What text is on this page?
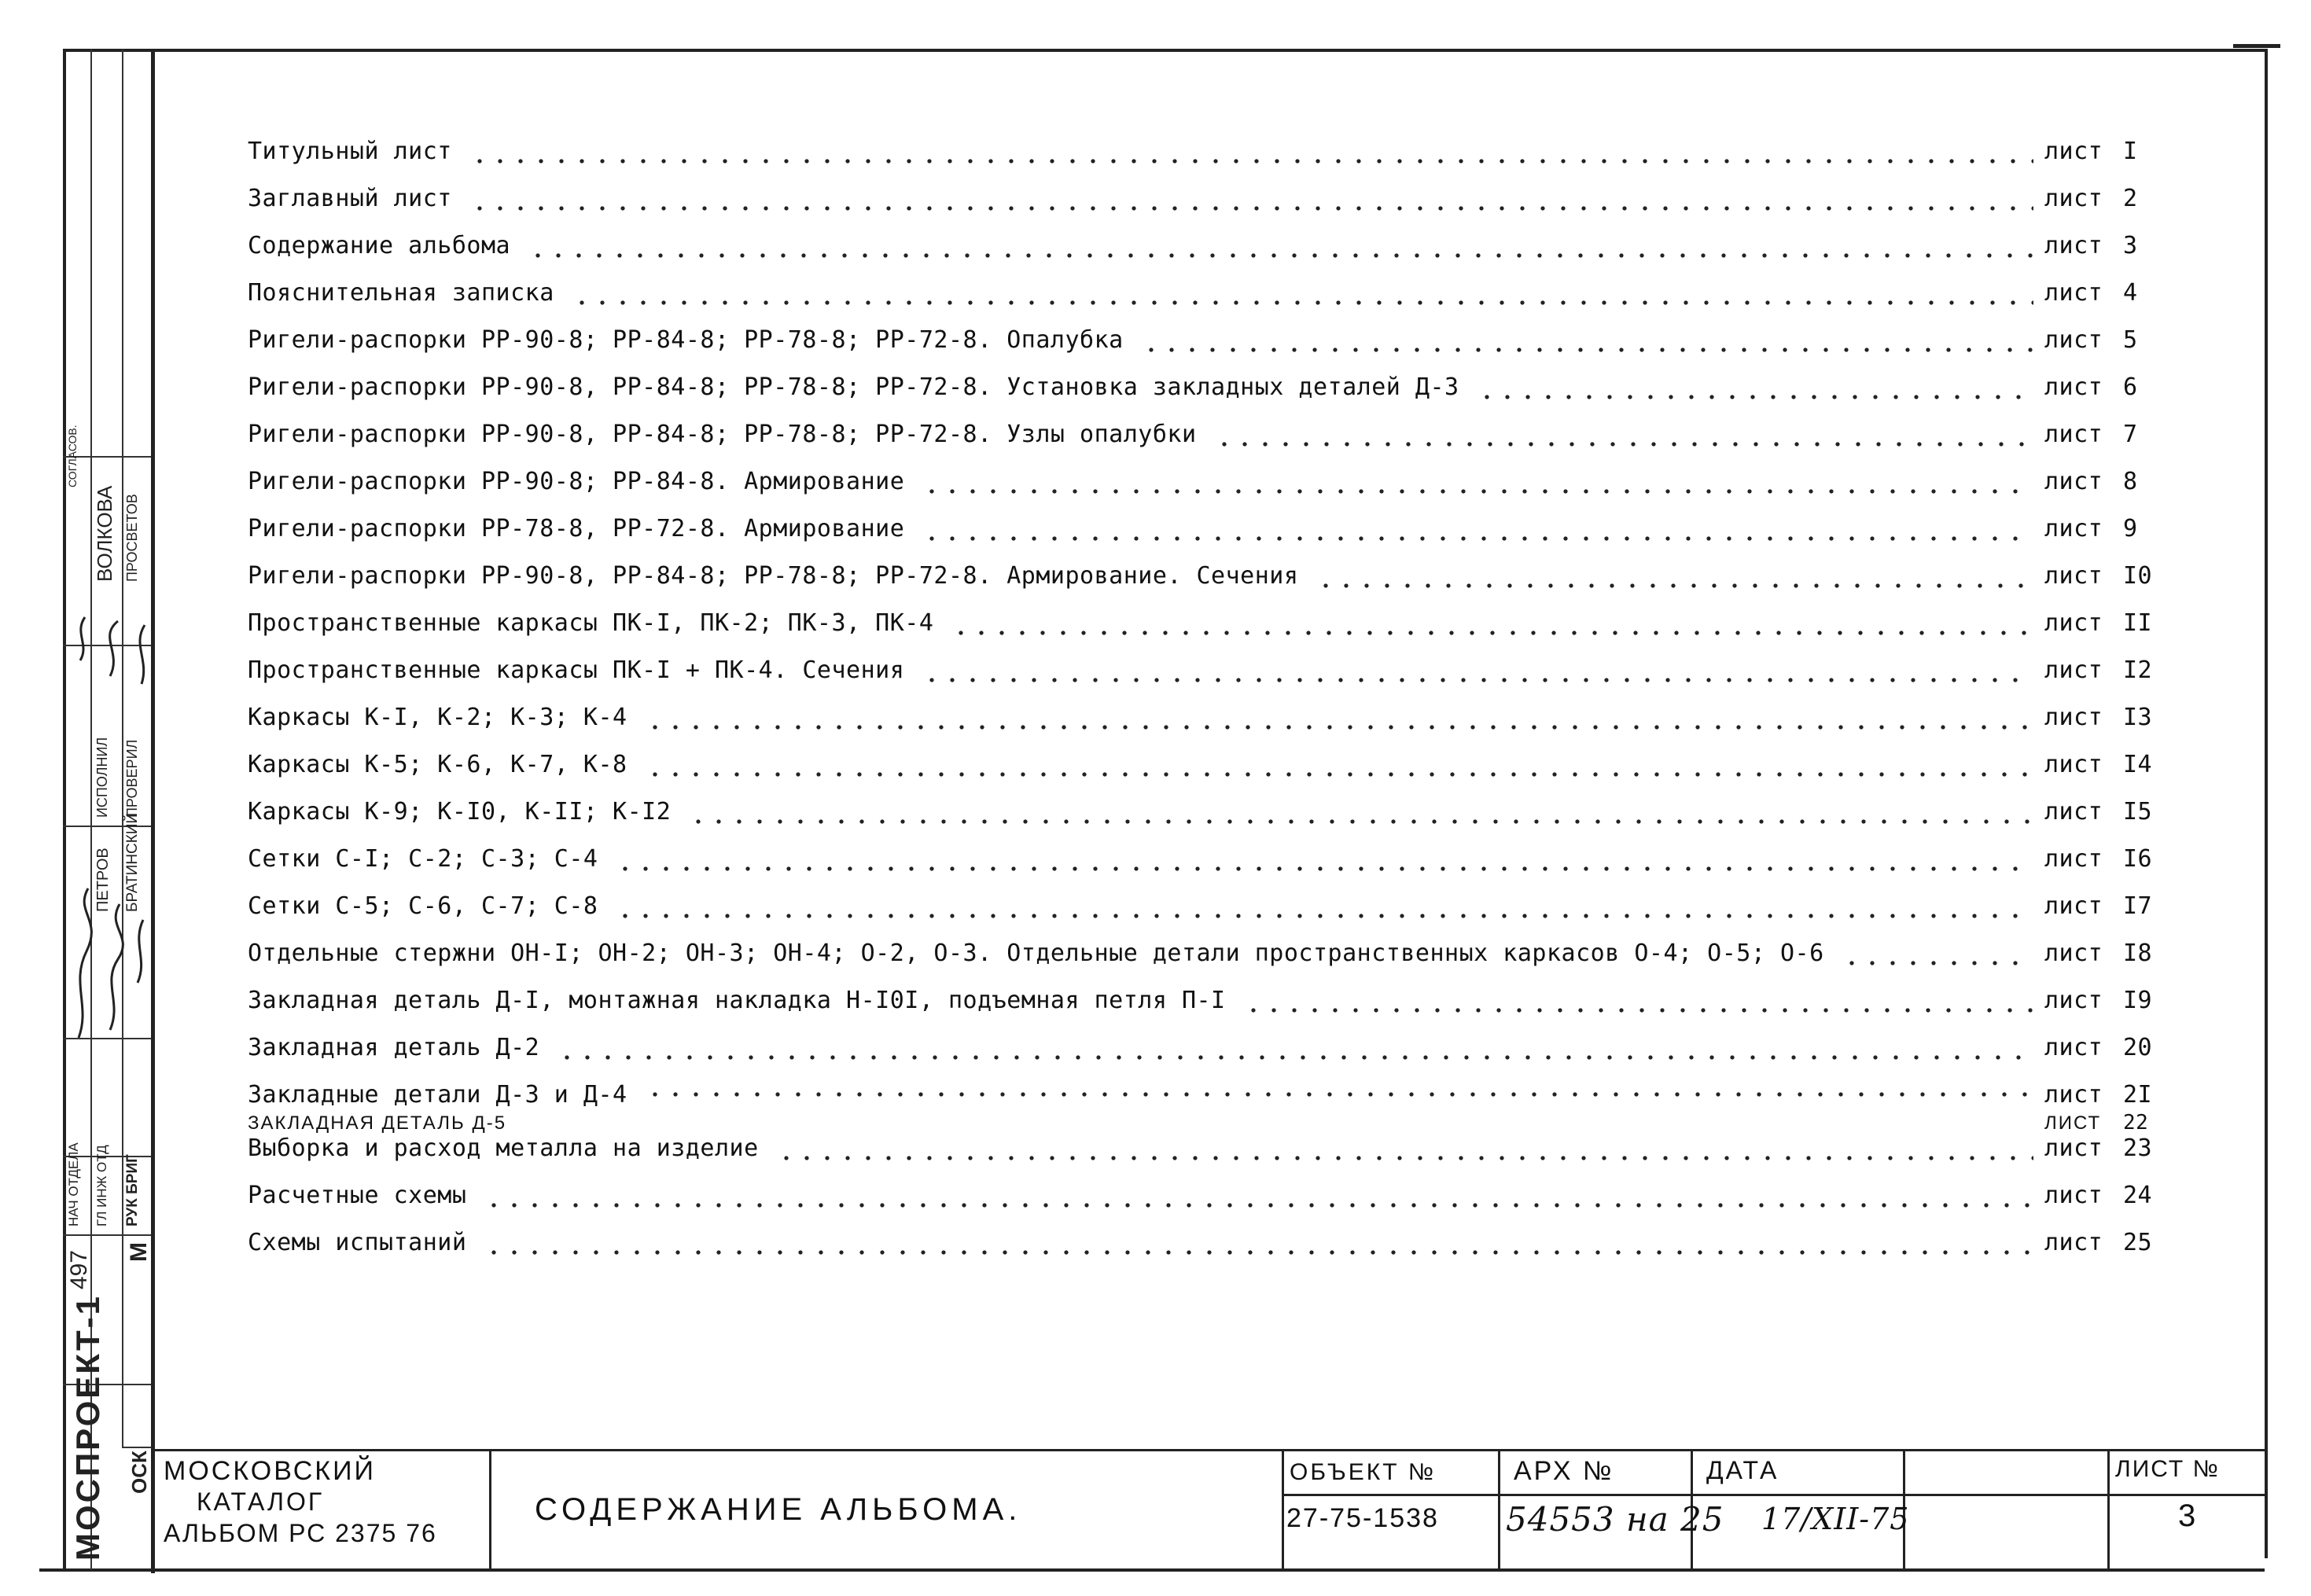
МОСПРОЕКТ-1 ОСК
497 М
НАЧ ОТДЕЛА ГЛ ИНЖ ОТД РУК БРИГ
ПЕТРОВ БРАТИНСКИЙ
ИСПОЛНИЛ ПРОВЕРИЛ
ВОЛКОВА ПРОСВЕТОВ
СОГЛАСОВ.
Титульный лист	лист I
Заглавный лист	лист 2
Содержание альбома	лист 3
Пояснительная записка	лист 4
Ригели-распорки РР-90-8; РР-84-8; РР-78-8; РР-72-8. Опалубка	лист 5
Ригели-распорки РР-90-8, РР-84-8; РР-78-8; РР-72-8. Установка закладных деталей Д-3	лист 6
Ригели-распорки РР-90-8, РР-84-8; РР-78-8; РР-72-8. Узлы опалубки	лист 7
Ригели-распорки РР-90-8; РР-84-8. Армирование	лист 8
Ригели-распорки РР-78-8, РР-72-8. Армирование	лист 9
Ригели-распорки РР-90-8, РР-84-8; РР-78-8; РР-72-8. Армирование. Сечения	лист I0
Пространственные каркасы ПК-I, ПК-2; ПК-3, ПК-4	лист II
Пространственные каркасы ПК-I + ПК-4. Сечения	лист I2
Каркасы К-I, К-2; К-3; К-4	лист I3
Каркасы К-5; К-6, К-7, К-8	лист I4
Каркасы К-9; К-I0, К-II; К-I2	лист I5
Сетки С-I; С-2; С-3; С-4	лист I6
Сетки С-5; С-6, С-7; С-8	лист I7
Отдельные стержни ОН-I; ОН-2; ОН-3; ОН-4; О-2, О-3. Отдельные детали пространственных каркасов О-4; О-5; О-6	лист I8
Закладная деталь Д-I, монтажная накладка Н-I0I, подъемная петля П-I	лист I9
Закладная деталь Д-2	лист 20
Закладные детали Д-3 и Д-4	лист 2I
ЗАКЛАДНАЯ ДЕТАЛЬ Д-5	ЛИСТ 22
Выборка и расход металла на изделие	лист 23
Расчетные схемы	лист 24
Схемы испытаний	лист 25
МОСКОВСКИЙ
КАТАЛОГ
АЛЬБОМ РС 2375 76
СОДЕРЖАНИЕ АЛЬБОМА.
ОБЪЕКТ №
27-75-1538
АРХ №
54553 на 25
ДАТА
17/XII-75
ЛИСТ №
3
